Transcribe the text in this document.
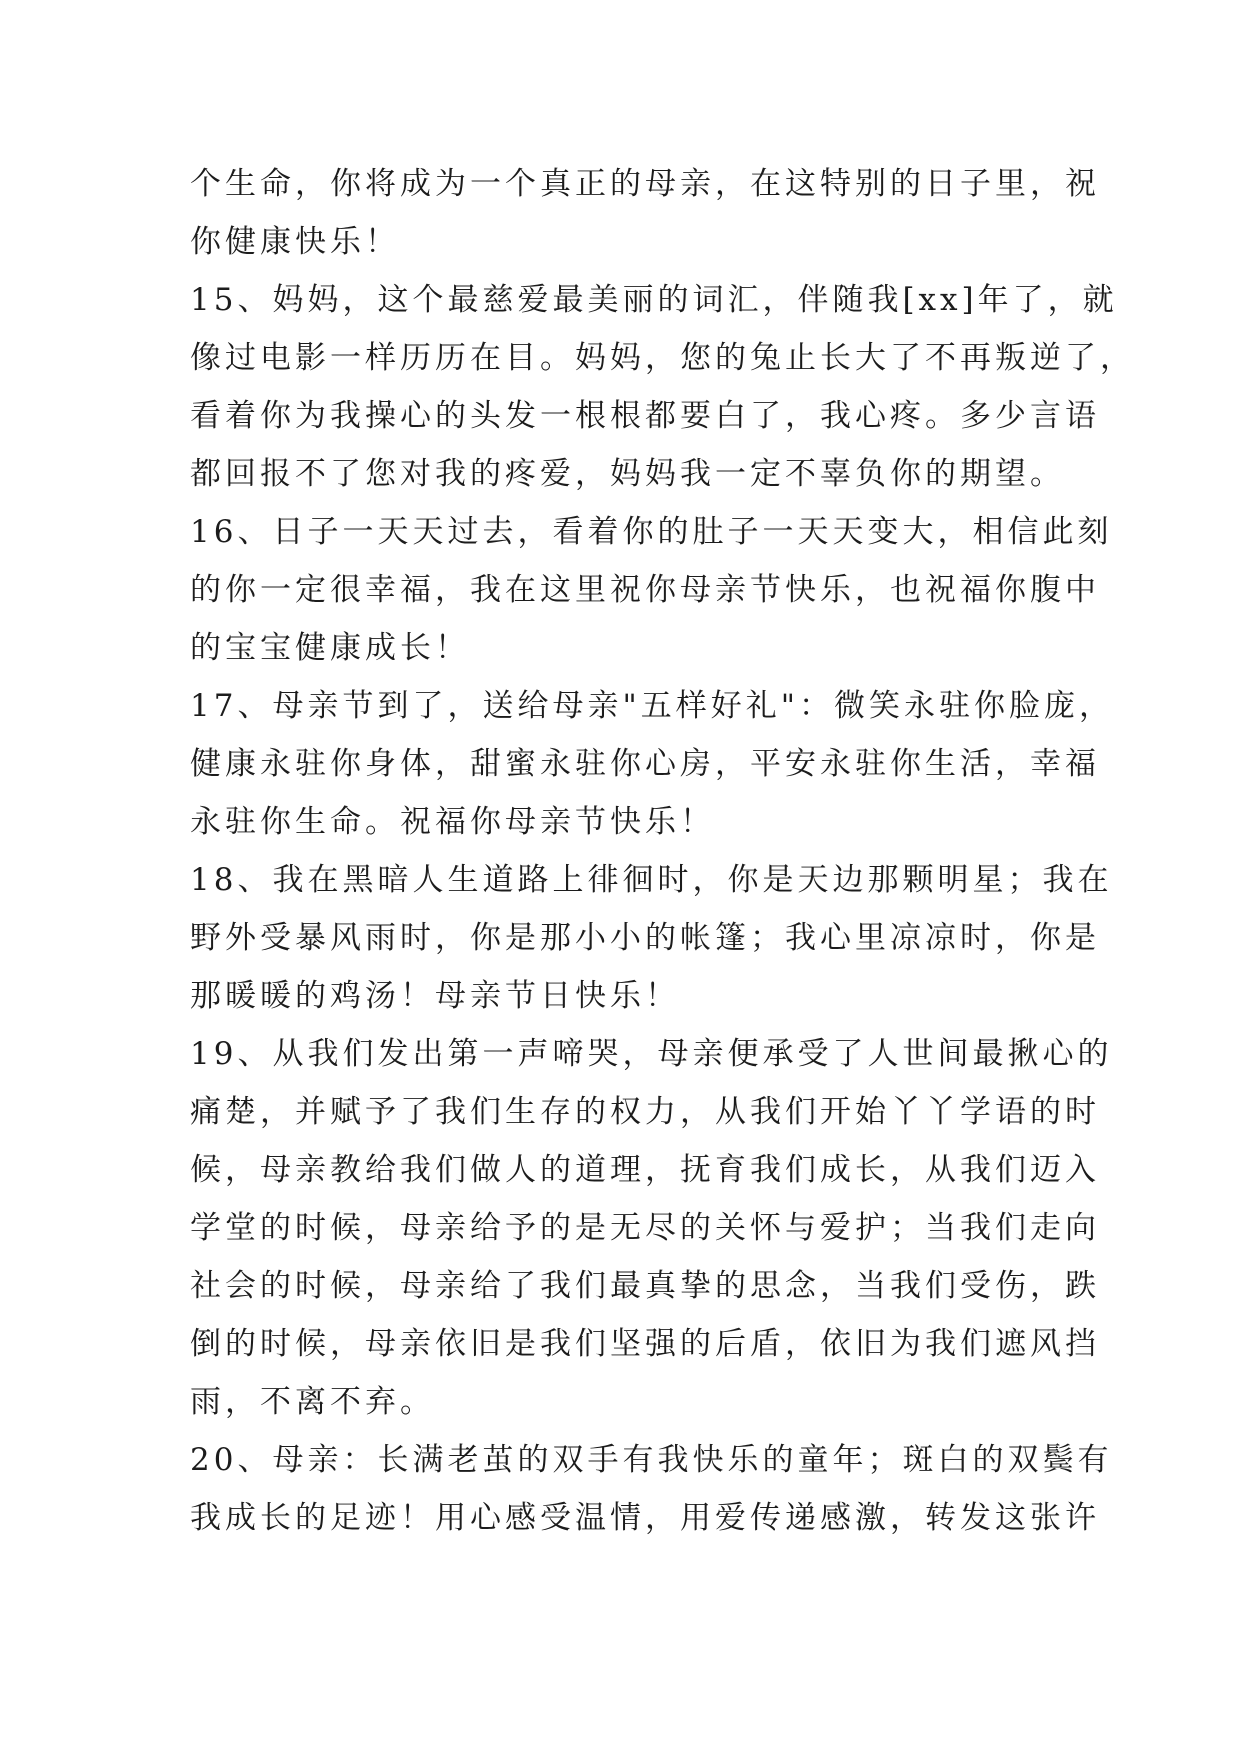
个生命，你将成为一个真正的母亲，在这特别的日子里，祝
你健康快乐！
15、妈妈，这个最慈爱最美丽的词汇，伴随我[xx]年了，就
像过电影一样历历在目。妈妈，您的兔止长大了不再叛逆了，
看着你为我操心的头发一根根都要白了，我心疼。多少言语
都回报不了您对我的疼爱，妈妈我一定不辜负你的期望。
16、日子一天天过去，看着你的肚子一天天变大，相信此刻
的你一定很幸福，我在这里祝你母亲节快乐，也祝福你腹中
的宝宝健康成长！
17、母亲节到了，送给母亲"五样好礼"：微笑永驻你脸庞，
健康永驻你身体，甜蜜永驻你心房，平安永驻你生活，幸福
永驻你生命。祝福你母亲节快乐！
18、我在黑暗人生道路上徘徊时，你是天边那颗明星；我在
野外受暴风雨时，你是那小小的帐篷；我心里凉凉时，你是
那暖暖的鸡汤！母亲节日快乐！
19、从我们发出第一声啼哭，母亲便承受了人世间最揪心的
痛楚，并赋予了我们生存的权力，从我们开始丫丫学语的时
候，母亲教给我们做人的道理，抚育我们成长，从我们迈入
学堂的时候，母亲给予的是无尽的关怀与爱护；当我们走向
社会的时候，母亲给了我们最真挚的思念，当我们受伤，跌
倒的时候，母亲依旧是我们坚强的后盾，依旧为我们遮风挡
雨，不离不弃。
20、母亲：长满老茧的双手有我快乐的童年；斑白的双鬓有
我成长的足迹！用心感受温情，用爱传递感激，转发这张许
